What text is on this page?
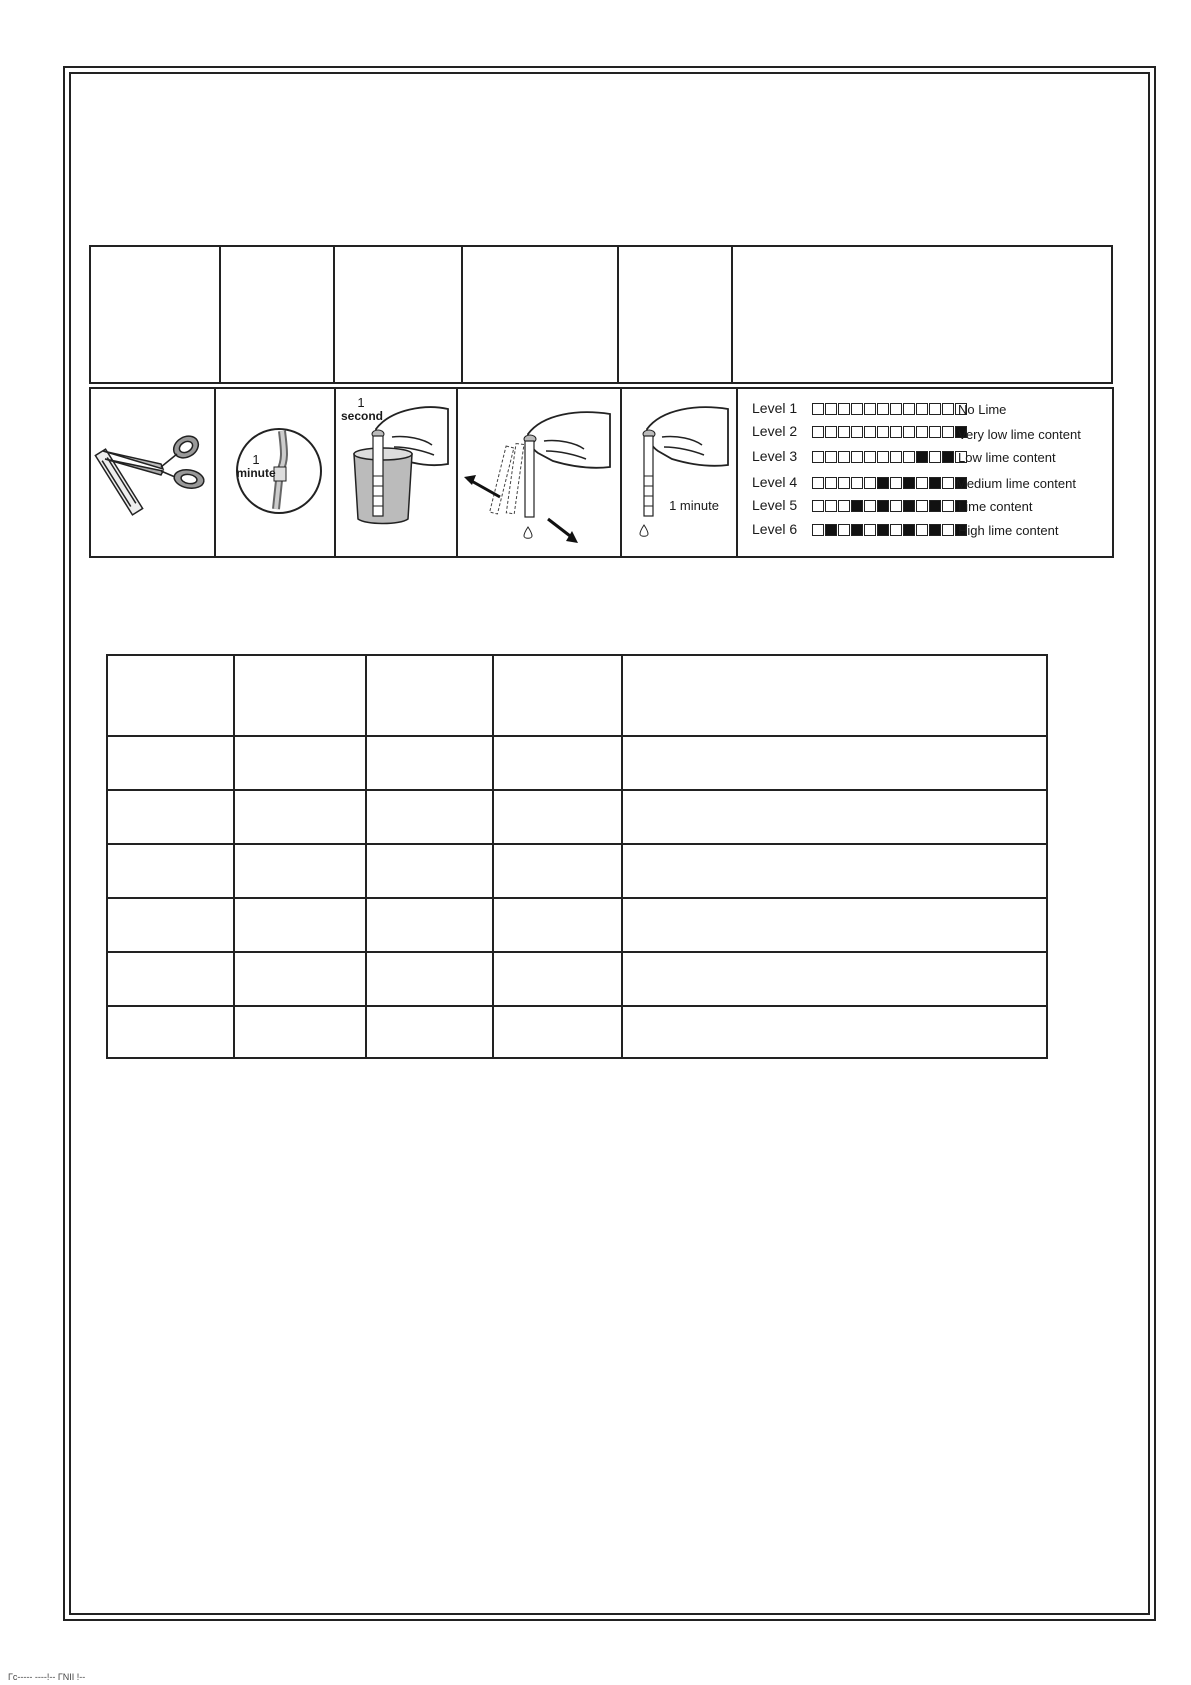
1
minute
1
second
1 minute
Level 1	No Lime
Level 2	Very low lime content
Level 3	Low lime content
Level 4	Medium lime content
Level 5	Lime content
Level 6	High lime content
Гс----- ----!-- ГNII !--
